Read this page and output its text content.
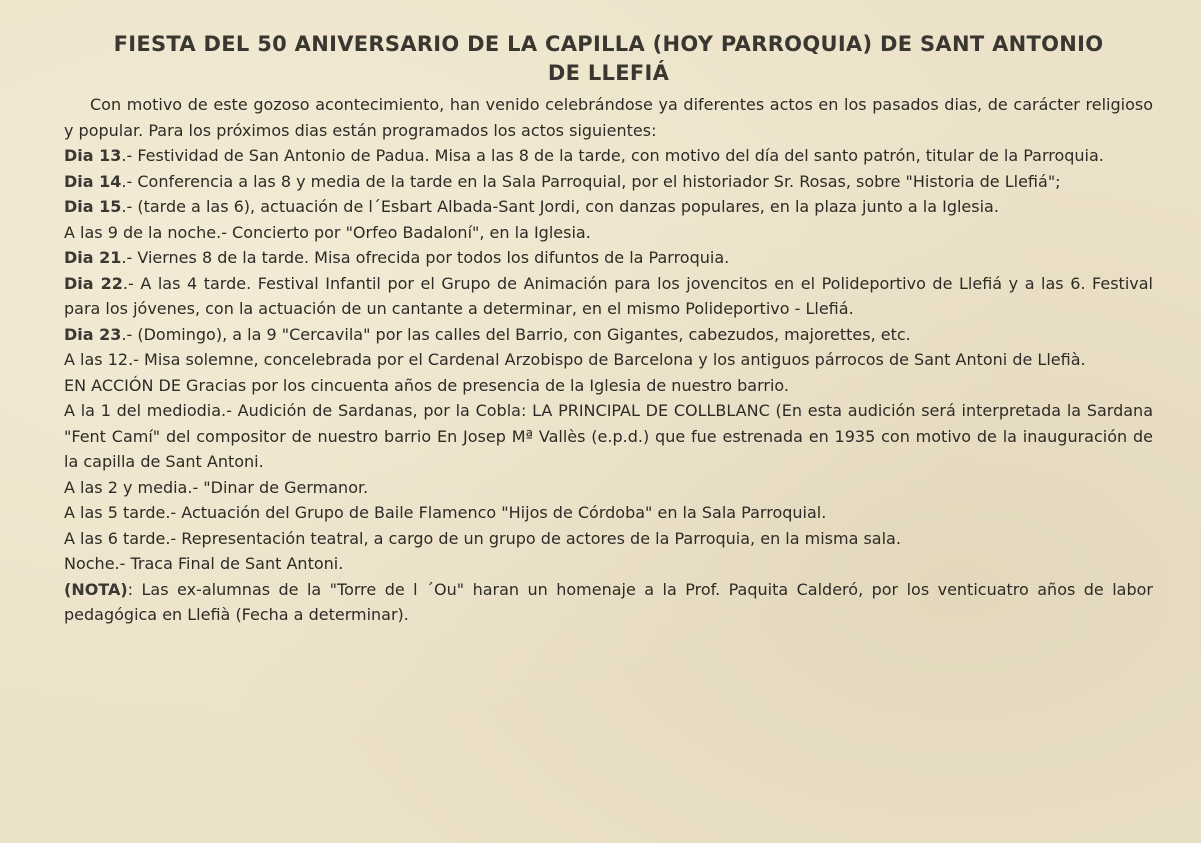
FIESTA DEL 50 ANIVERSARIO DE LA CAPILLA (HOY PARROQUIA) DE SANT ANTONIO
DE LLEFIÁ

Con motivo de este gozoso acontecimiento, han venido celebrándose ya diferentes actos en los pasados dias, de carácter religioso y popular. Para los próximos dias están programados los actos siguientes:

Dia 13.- Festividad de San Antonio de Padua. Misa a las 8 de la tarde, con motivo del día del santo patrón, titular de la Parroquia.

Dia 14.- Conferencia a las 8 y media de la tarde en la Sala Parroquial, por el historiador Sr. Rosas, sobre "Historia de Llefiá";

Dia 15.- (tarde a las 6), actuación de l´Esbart Albada-Sant Jordi, con danzas populares, en la plaza junto a la Iglesia.

A las 9 de la noche.- Concierto por "Orfeo Badaloní", en la Iglesia.

Dia 21.- Viernes 8 de la tarde. Misa ofrecida por todos los difuntos de la Parroquia.

Dia 22.- A las 4 tarde. Festival Infantil por el Grupo de Animación para los jovencitos en el Polideportivo de Llefiá y a las 6. Festival para los jóvenes, con la actuación de un cantante a determinar, en el mismo Polideportivo - Llefiá.

Dia 23.- (Domingo), a la 9 "Cercavila" por las calles del Barrio, con Gigantes, cabezudos, majorettes, etc.

A las 12.- Misa solemne, concelebrada por el Cardenal Arzobispo de Barcelona y los antiguos párrocos de Sant Antoni de Llefià.

EN ACCIÓN DE Gracias por los cincuenta años de presencia de la Iglesia de nuestro barrio.

A la 1 del mediodia.- Audición de Sardanas, por la Cobla: LA PRINCIPAL DE COLLBLANC (En esta audición será interpretada la Sardana "Fent Camí" del compositor de nuestro barrio En Josep Mª Vallès (e.p.d.) que fue estrenada en 1935 con motivo de la inauguración de la capilla de Sant Antoni.

A las 2 y media.- "Dinar de Germanor.

A las 5 tarde.- Actuación del Grupo de Baile Flamenco "Hijos de Córdoba" en la Sala Parroquial.

A las 6 tarde.- Representación teatral, a cargo de un grupo de actores de la Parroquia, en la misma sala.

Noche.- Traca Final de Sant Antoni.

(NOTA): Las ex-alumnas de la "Torre de l ´Ou" haran un homenaje a la Prof. Paquita Calderó, por los venticuatro años de labor pedagógica en Llefià (Fecha a determinar).
